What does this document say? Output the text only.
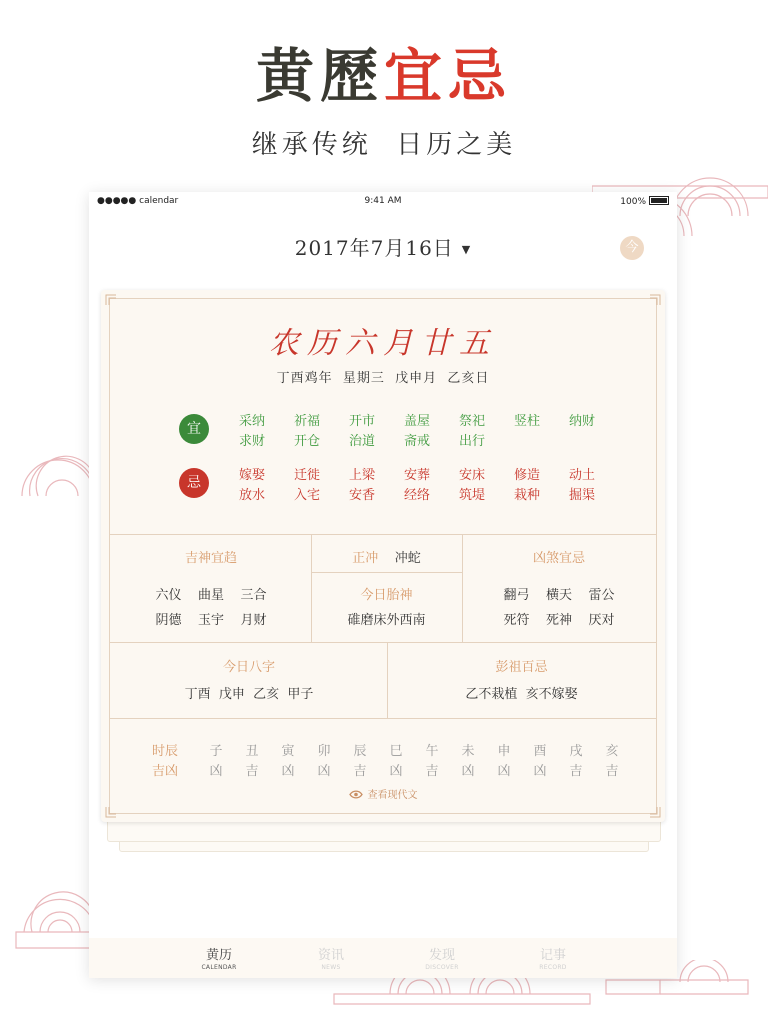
黄歷宜忌
继承传统  日历之美
●●●●● calendar	9:41 AM	100%
2017年7月16日 ▼	今
农历六月廿五
丁酉鸡年  星期三  戊申月  乙亥日
宜	采纳	祈福	开市	盖屋	祭祀	竖柱	纳财
求财	开仓	治道	斋戒	出行
忌	嫁娶	迁徙	上梁	安葬	安床	修造	动土
放水	入宅	安香	经络	筑堤	栽种	掘渠
吉神宜趋
六仪 曲星 三合
阴德 玉宇 月财
正冲 冲蛇
今日胎神
碓磨床外西南
凶煞宜忌
翻弓 横天 雷公
死符 死神 厌对
今日八字
丁酉  戊申  乙亥  甲子
彭祖百忌
乙不栽植  亥不嫁娶
时辰	子 丑 寅 卯 辰 巳 午 未 申 酉 戌 亥
吉凶	凶 吉 凶 凶 吉 凶 吉 凶 凶 凶 吉 吉
查看现代文
黄历
CALENDAR
资讯
NEWS
发现
DISCOVER
记事
RECORD
